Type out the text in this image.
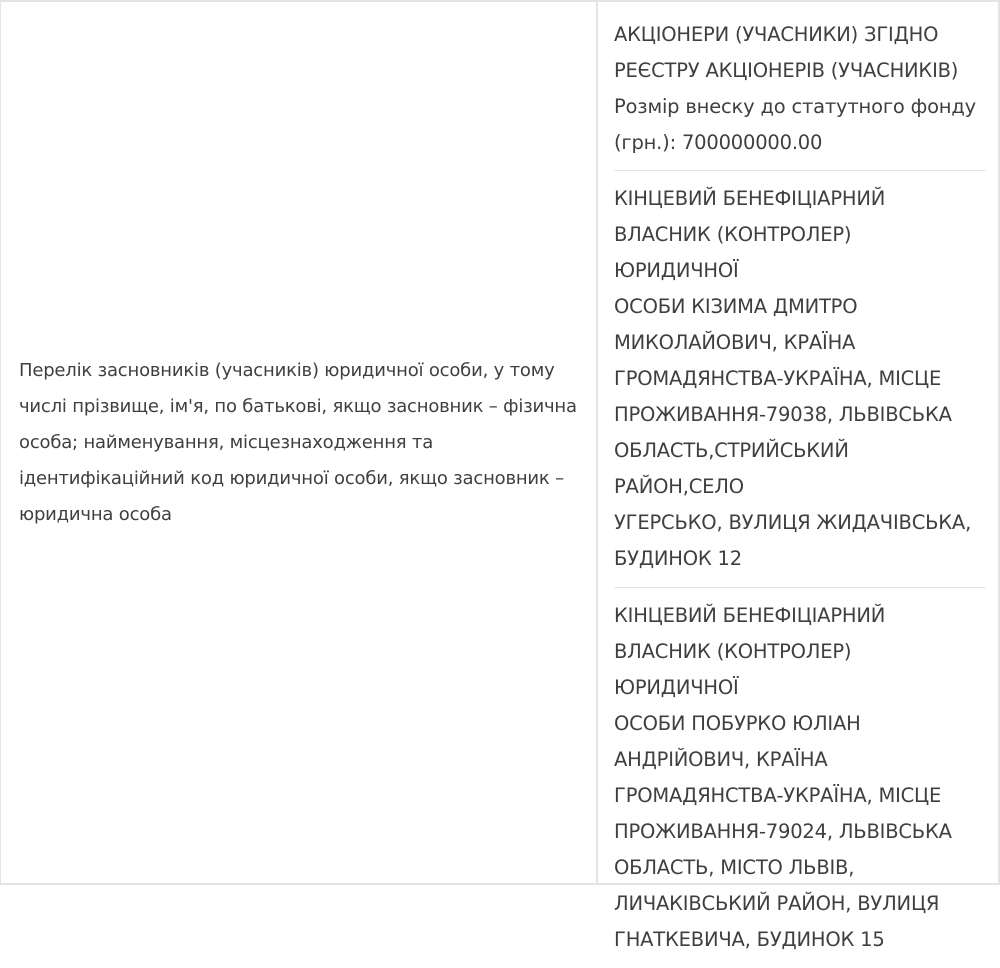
Перелік засновників (учасників) юридичної особи, у тому числі прізвище, ім'я, по батькові, якщо засновник – фізична особа; найменування, місцезнаходження та ідентифікаційний код юридичної особи, якщо засновник – юридична особа

АКЦІОНЕРИ (УЧАСНИКИ) ЗГІДНО
РЕЄСТРУ АКЦІОНЕРІВ (УЧАСНИКІВ)
Розмір внеску до статутного фонду
(грн.): 700000000.00
КІНЦЕВИЙ БЕНЕФІЦІАРНИЙ
ВЛАСНИК (КОНТРОЛЕР) ЮРИДИЧНОЇ
ОСОБИ КІЗИМА ДМИТРО
МИКОЛАЙОВИЧ, КРАЇНА
ГРОМАДЯНСТВА-УКРАЇНА, МІСЦЕ
ПРОЖИВАННЯ-79038, ЛЬВІВСЬКА
ОБЛАСТЬ,СТРИЙСЬКИЙ РАЙОН,СЕЛО
УГЕРСЬКО, ВУЛИЦЯ ЖИДАЧІВСЬКА,
БУДИНОК 12
КІНЦЕВИЙ БЕНЕФІЦІАРНИЙ
ВЛАСНИК (КОНТРОЛЕР) ЮРИДИЧНОЇ
ОСОБИ ПОБУРКО ЮЛІАН
АНДРІЙОВИЧ, КРАЇНА
ГРОМАДЯНСТВА-УКРАЇНА, МІСЦЕ
ПРОЖИВАННЯ-79024, ЛЬВІВСЬКА
ОБЛАСТЬ, МІСТО ЛЬВІВ,
ЛИЧАКІВСЬКИЙ РАЙОН, ВУЛИЦЯ
ГНАТКЕВИЧА, БУДИНОК 15
